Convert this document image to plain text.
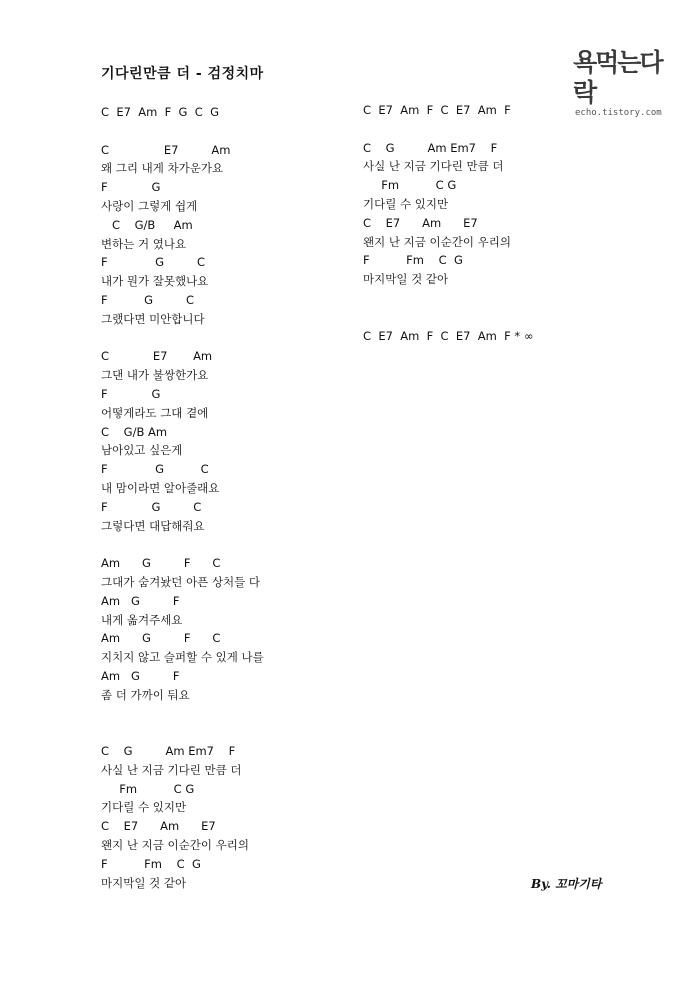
기다린만큼 더 - 검정치마	욕먹는다락
echo.tistory.com
C  E7  Am  F  G  C  G
C               E7         Am
왜 그리 내게 차가운가요
F            G
사랑이 그렇게 쉽게
C    G/B     Am
변하는 거 였나요
F             G         C
내가 뭔가 잘못했나요
F          G         C
그랬다면 미안합니다
C            E7       Am
그댄 내가 불쌍한가요
F            G
어떻게라도 그대 곁에
C    G/B Am
남아있고 싶은게
F             G          C
내 맘이라면 알아줄래요
F            G         C
그렇다면 대답해줘요
Am      G         F      C
그대가 숨겨놨던 아픈 상처들 다
Am   G         F
내게 옮겨주세요
Am      G         F      C
지치지 않고 슬퍼할 수 있게 나를
Am   G         F
좀 더 가까이 둬요
C    G         Am Em7    F
사실 난 지금 기다린 만큼 더
Fm          C G
기다릴 수 있지만
C    E7      Am      E7
왠지 난 지금 이순간이 우리의
F          Fm    C  G
마지막일 것 같아
C  E7  Am  F  C  E7  Am  F
C    G         Am Em7    F
사실 난 지금 기다린 만큼 더
Fm          C G
기다릴 수 있지만
C    E7      Am      E7
왠지 난 지금 이순간이 우리의
F          Fm    C  G
마지막일 것 같아
C  E7  Am  F  C  E7  Am  F * ∞
By. 꼬마기타
